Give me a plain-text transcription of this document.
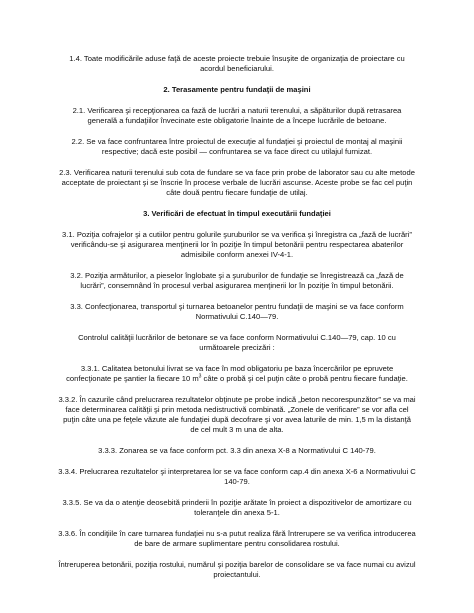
1.4. Toate modificările aduse faţă de aceste proiecte trebuie însuşite de organizaţia de proiectare cu acordul beneficiarului.

2. Terasamente pentru fundaţii de maşini

2.1. Verificarea şi recepţionarea ca fază de lucrări a naturii terenului, a săpăturilor după retrasarea generală a fundaţiilor învecinate este obligatorie înainte de a începe lucrările de betoane.

2.2. Se va face confruntarea între proiectul de execuţie al fundaţiei şi proiectul de montaj al maşinii respective; dacă este posibil — confruntarea se va face direct cu utilajul furnizat.

2.3. Verificarea naturii terenului sub cota de fundare se va face prin probe de laborator sau cu alte metode acceptate de proiectant şi se înscrie în procese verbale de lucrări ascunse. Aceste probe se fac cel puţin câte două pentru fiecare fundaţie de utilaj.

3. Verificări de efectuat în timpul executării fundaţiei

3.1. Poziţia cofrajelor şi a cutiilor pentru golurile şuruburilor se va verifica şi înregistra ca „fază de lucrări” verificându-se şi asigurarea menţinerii lor în poziţie în timpul betonării pentru respectarea abaterilor admisibile conform anexei IV-4-1.

3.2. Poziţia armăturilor, a pieselor înglobate şi a şuruburilor de fundaţie se înregistrează ca „fază de lucrări”, consemnând în procesul verbal asigurarea menţinerii lor în poziţie în timpul betonării.

3.3. Confecţionarea, transportul şi turnarea betoanelor pentru fundaţii de maşini se va face conform Normativului C.140—79.

Controlul calităţii lucrărilor de betonare se va face conform Normativului C.140—79, cap. 10 cu următoarele precizări :

3.3.1. Calitatea betonului livrat se va face în mod obligatoriu pe baza încercărilor pe epruvete confecţionate pe şantier la fiecare 10 $m^3$ câte o probă şi cel puţin câte o probă pentru fiecare fundaţie.

3.3.2. În cazurile când prelucrarea rezultatelor obţinute pe probe indică „beton necorespunzător” se va mai face determinarea calităţii şi prin metoda nedistructivă combinată. „Zonele de verificare” se vor afla cel puţin câte una pe feţele văzute ale fundaţiei după decofrare şi vor avea laturile de min. 1,5 m la distanţă de cel mult 3 m una de alta.

3.3.3. Zonarea se va face conform pct. 3.3 din anexa X-8 a Normativului C 140-79.

3.3.4. Prelucrarea rezultatelor şi interpretarea lor se va face conform cap.4 din anexa X-6 a Normativului C 140-79.

3.3.5. Se va da o atenţie deosebită prinderii în poziţie arătate în proiect a dispozitivelor de amortizare cu toleranţele din anexa 5-1.

3.3.6. În condiţiile în care turnarea fundaţiei nu s-a putut realiza fără întrerupere se va verifica introducerea de bare de armare suplimentare pentru consolidarea rostului.

Întreruperea betonării, poziţia rostului, numărul şi poziţia barelor de consolidare se va face numai cu avizul proiectantului.
